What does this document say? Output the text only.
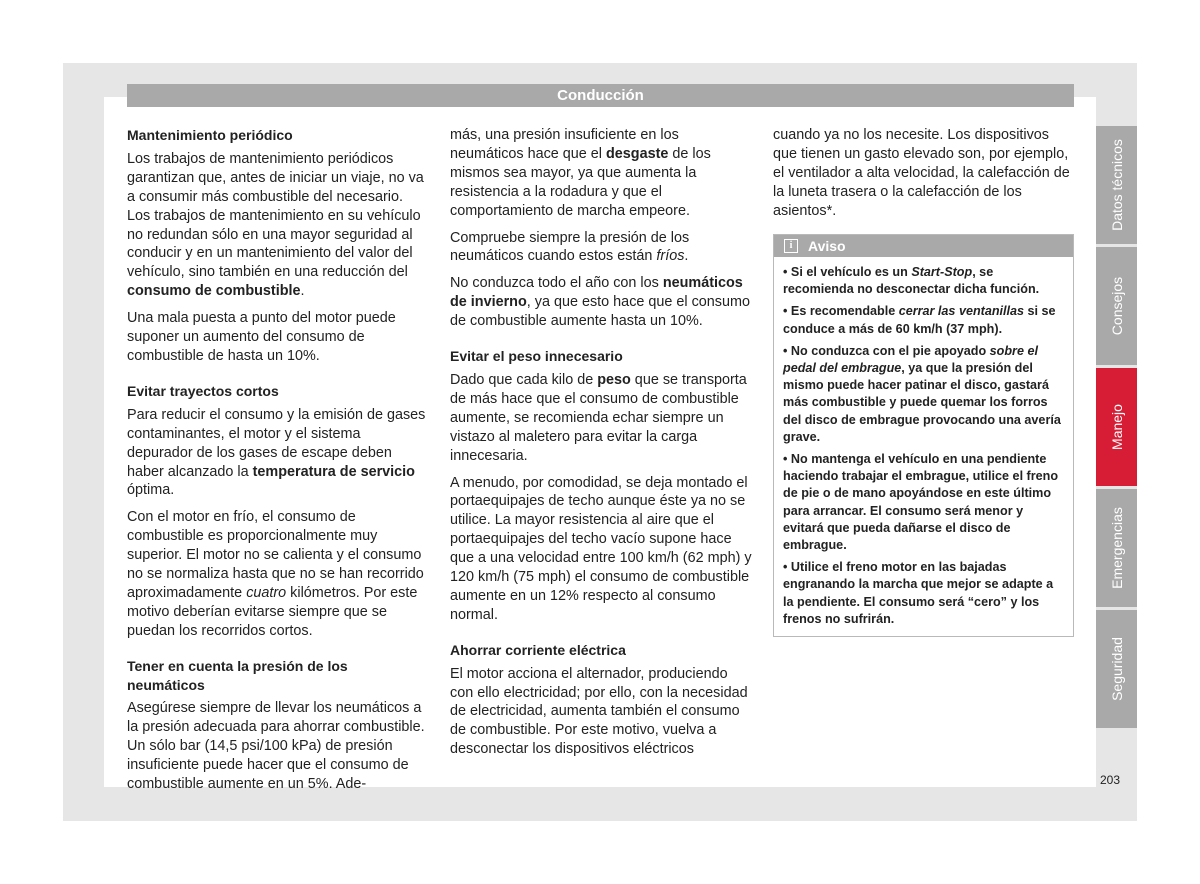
Conducción
Mantenimiento periódico

Los trabajos de mantenimiento periódicos garantizan que, antes de iniciar un viaje, no va a consumir más combustible del necesario. Los trabajos de mantenimiento en su vehículo no redundan sólo en una mayor seguridad al conducir y en un mantenimiento del valor del vehículo, sino también en una reducción del consumo de combustible.

Una mala puesta a punto del motor puede suponer un aumento del consumo de combustible de hasta un 10%.

Evitar trayectos cortos

Para reducir el consumo y la emisión de gases contaminantes, el motor y el sistema depurador de los gases de escape deben haber alcanzado la temperatura de servicio óptima.

Con el motor en frío, el consumo de combustible es proporcionalmente muy superior. El motor no se calienta y el consumo no se normaliza hasta que no se han recorrido aproximadamente cuatro kilómetros. Por este motivo deberían evitarse siempre que se puedan los recorridos cortos.

Tener en cuenta la presión de los neumáticos

Asegúrese siempre de llevar los neumáticos a la presión adecuada para ahorrar combustible. Un sólo bar (14,5 psi/100 kPa) de presión insuficiente puede hacer que el consumo de combustible aumente en un 5%. Ade-

más, una presión insuficiente en los neumáticos hace que el desgaste de los mismos sea mayor, ya que aumenta la resistencia a la rodadura y que el comportamiento de marcha empeore.

Compruebe siempre la presión de los neumáticos cuando estos están fríos.

No conduzca todo el año con los neumáticos de invierno, ya que esto hace que el consumo de combustible aumente hasta un 10%.

Evitar el peso innecesario

Dado que cada kilo de peso que se transporta de más hace que el consumo de combustible aumente, se recomienda echar siempre un vistazo al maletero para evitar la carga innecesaria.

A menudo, por comodidad, se deja montado el portaequipajes de techo aunque éste ya no se utilice. La mayor resistencia al aire que el portaequipajes del techo vacío supone hace que a una velocidad entre 100 km/h (62 mph) y 120 km/h (75 mph) el consumo de combustible aumente en un 12% respecto al consumo normal.

Ahorrar corriente eléctrica

El motor acciona el alternador, produciendo con ello electricidad; por ello, con la necesidad de electricidad, aumenta también el consumo de combustible. Por este motivo, vuelva a desconectar los dispositivos eléctricos

cuando ya no los necesite. Los dispositivos que tienen un gasto elevado son, por ejemplo, el ventilador a alta velocidad, la calefacción de la luneta trasera o la calefacción de los asientos*.

i	Aviso
• Si el vehículo es un Start-Stop, se recomienda no desconectar dicha función.
• Es recomendable cerrar las ventanillas si se conduce a más de 60 km/h (37 mph).
• No conduzca con el pie apoyado sobre el pedal del embrague, ya que la presión del mismo puede hacer patinar el disco, gastará más combustible y puede quemar los forros del disco de embrague provocando una avería grave.
• No mantenga el vehículo en una pendiente haciendo trabajar el embrague, utilice el freno de pie o de mano apoyándose en este último para arrancar. El consumo será menor y evitará que pueda dañarse el disco de embrague.
• Utilice el freno motor en las bajadas engranando la marcha que mejor se adapte a la pendiente. El consumo será “cero” y los frenos no sufrirán.
Datos técnicos
Consejos
Manejo
Emergencias
Seguridad
203
